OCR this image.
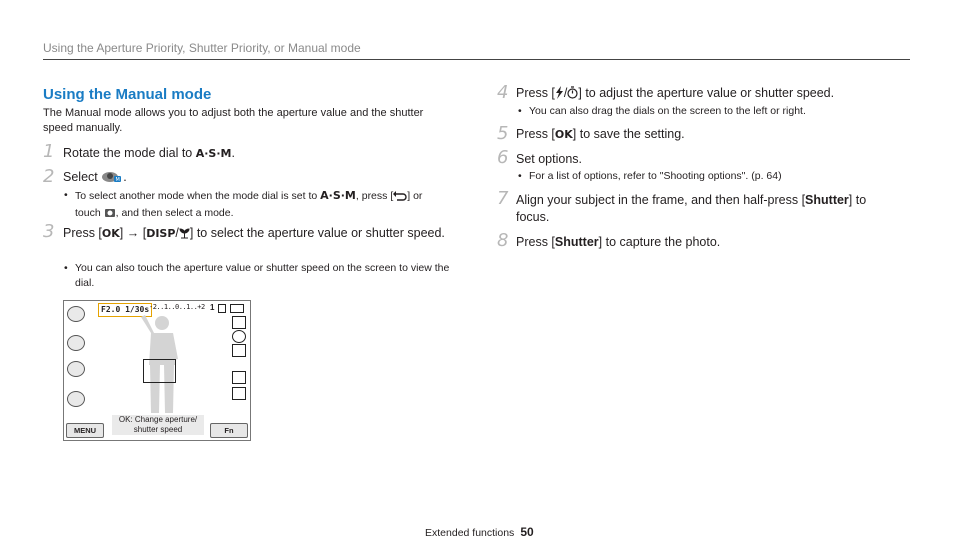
Using the Aperture Priority, Shutter Priority, or Manual mode
Using the Manual mode
The Manual mode allows you to adjust both the aperture value and the shutter speed manually.
1 Rotate the mode dial to A·S·M.
2 Select	M .
• To select another mode when the mode dial is set to A·S·M, press [ ] or touch , and then select a mode.
3 Press [OK] → [DISP/ ] to select the aperture value or shutter speed.
• You can also touch the aperture value or shutter speed on the screen to view the dial.
F2.0 1/30s -2..1..0..1..+2 1
MENU
OK: Change aperture/ shutter speed	Fn
4 Press [ / ] to adjust the aperture value or shutter speed.
• You can also drag the dials on the screen to the left or right.
5 Press [OK] to save the setting.
6 Set options.
• For a list of options, refer to "Shooting options". (p. 64)
7 Align your subject in the frame, and then half-press [Shutter] to focus.
8 Press [Shutter] to capture the photo.
Extended functions 50
